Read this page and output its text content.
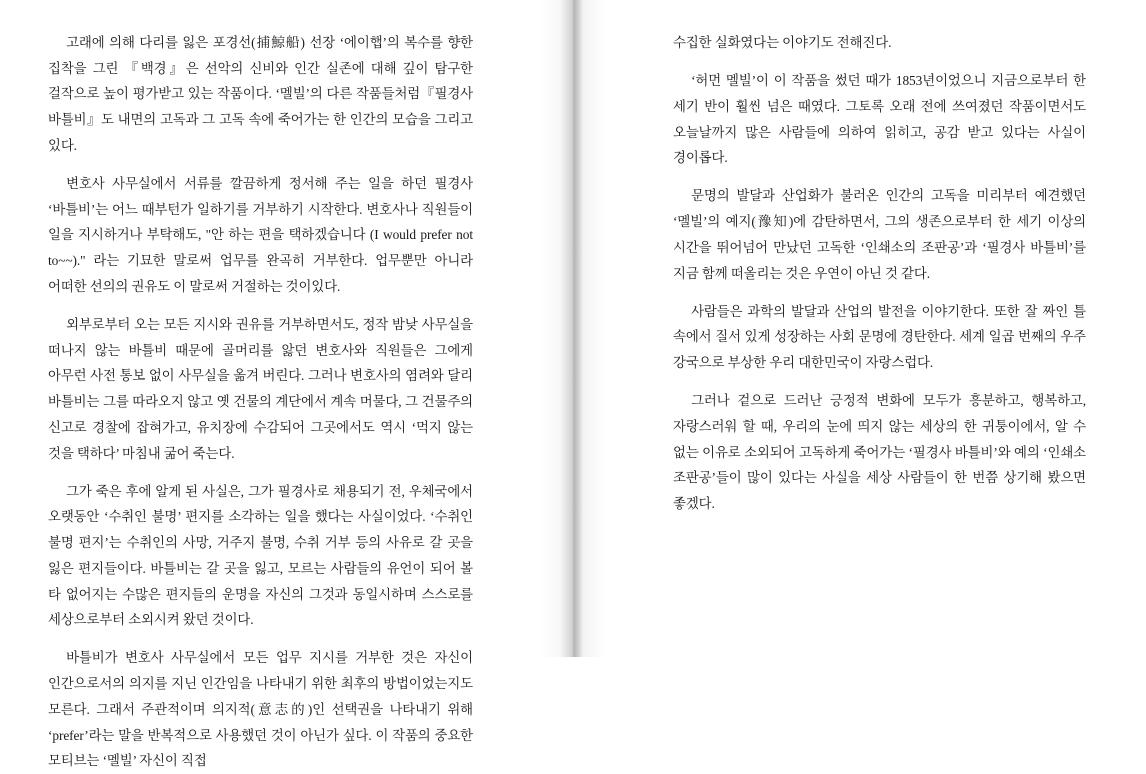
고래에 의해 다리를 잃은 포경선(捕鯨船) 선장 ‘에이햅’의 복수를 향한 집착을 그린 『백경』은 선악의 신비와 인간 실존에 대해 깊이 탐구한 걸작으로 높이 평가받고 있는 작품이다. ‘멜빌’의 다른 작품들처럼『필경사 바틀비』도 내면의 고독과 그 고독 속에 죽어가는 한 인간의 모습을 그리고 있다.

변호사 사무실에서 서류를 깔끔하게 정서해 주는 일을 하던 필경사 ‘바틀비’는 어느 때부턴가 일하기를 거부하기 시작한다. 변호사나 직원들이 일을 지시하거나 부탁해도, "안 하는 편을 택하겠습니다 (I would prefer not to~~)." 라는 기묘한 말로써 업무를 완곡히 거부한다. 업무뿐만 아니라 어떠한 선의의 권유도 이 말로써 거절하는 것이있다.

외부로부터 오는 모든 지시와 권유를 거부하면서도, 정작 밤낮 사무실을 떠나지 않는 바틀비 때문에 골머리를 앓던 변호사와 직원들은 그에게 아무런 사전 통보 없이 사무실을 옮겨 버린다. 그러나 변호사의 염려와 달리 바틀비는 그를 따라오지 않고 옛 건물의 계단에서 계속 머물다, 그 건물주의 신고로 경찰에 잡혀가고, 유치장에 수감되어 그곳에서도 역시 ‘먹지 않는 것을 택하다’ 마침내 굶어 죽는다.

그가 죽은 후에 알게 된 사실은, 그가 필경사로 채용되기 전, 우체국에서 오랫동안 ‘수취인 불명’ 편지를 소각하는 일을 했다는 사실이었다. ‘수취인 불명 편지’는 수취인의 사망, 거주지 불명, 수취 거부 등의 사유로 갈 곳을 잃은 편지들이다. 바틀비는 갈 곳을 잃고, 모르는 사람들의 유언이 되어 볼 타 없어지는 수많은 편지들의 운명을 자신의 그것과 동일시하며 스스로를 세상으로부터 소외시켜 왔던 것이다.

바틀비가 변호사 사무실에서 모든 업무 지시를 거부한 것은 자신이 인간으로서의 의지를 지닌 인간임을 나타내기 위한 최후의 방법이었는지도 모른다. 그래서 주관적이며 의지적(意志的)인 선택권을 나타내기 위해 ‘prefer’라는 말을 반복적으로 사용했던 것이 아닌가 싶다. 이 작품의 중요한 모티브는 ‘멜빌’ 자신이 직접

수집한 실화였다는 이야기도 전해진다.

‘허먼 멜빌’이 이 작품을 썼던 때가 1853년이었으니 지금으로부터 한 세기 반이 훨씬 넘은 때였다. 그토록 오래 전에 쓰여졌던 작품이면서도 오늘날까지 많은 사람들에 의하여 읽히고, 공감 받고 있다는 사실이 경이롭다.

문명의 발달과 산업화가 불러온 인간의 고독을 미리부터 예견했던 ‘멜빌’의 예지(豫知)에 감탄하면서, 그의 생존으로부터 한 세기 이상의 시간을 뛰어넘어 만났던 고독한 ‘인쇄소의 조판공’과 ‘필경사 바틀비’를 지금 함께 떠올리는 것은 우연이 아닌 것 같다.

사람들은 과학의 발달과 산업의 발전을 이야기한다. 또한 잘 짜인 틀 속에서 질서 있게 성장하는 사회 문명에 경탄한다. 세계 일곱 번째의 우주 강국으로 부상한 우리 대한민국이 자랑스럽다.

그러나 겉으로 드러난 긍정적 변화에 모두가 흥분하고, 행복하고, 자랑스러워 할 때, 우리의 눈에 띄지 않는 세상의 한 귀퉁이에서, 알 수 없는 이유로 소외되어 고독하게 죽어가는 ‘필경사 바틀비’와 예의 ‘인쇄소 조판공’들이 많이 있다는 사실을 세상 사람들이 한 번쯤 상기해 봤으면 좋겠다.
